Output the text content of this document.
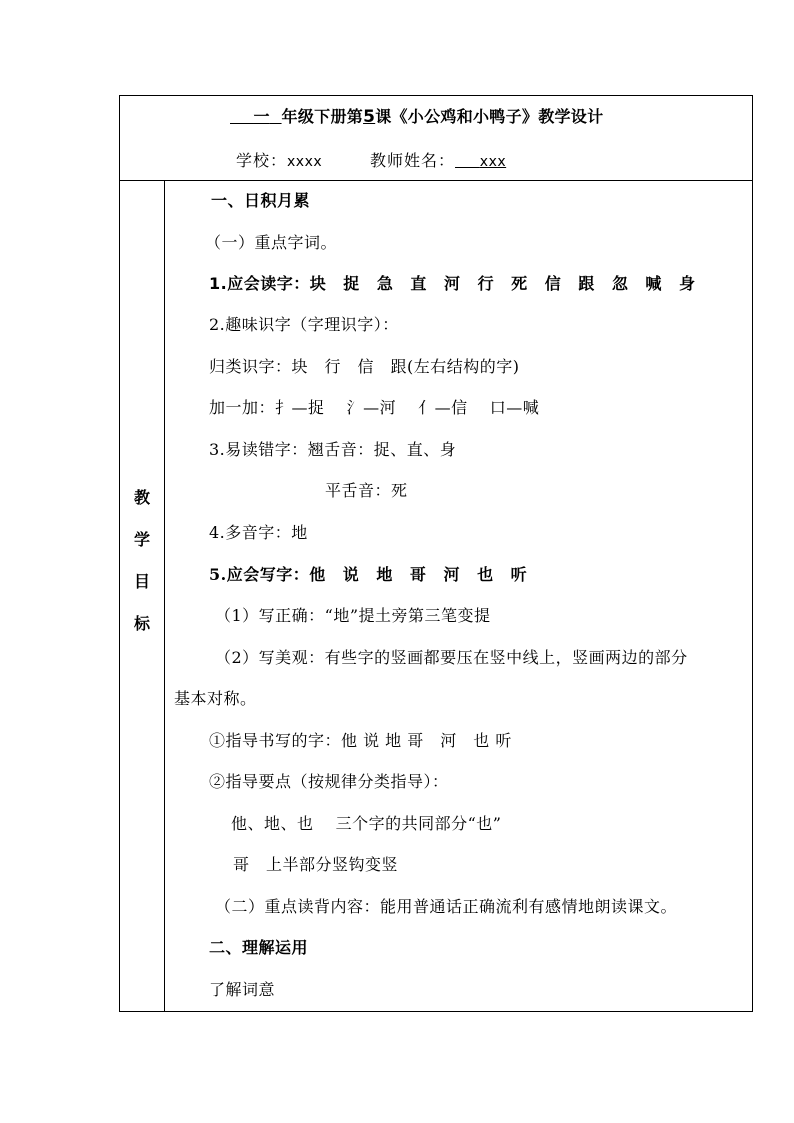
一 年级下册第5课《小公鸡和小鸭子》教学设计
学校：xxxx	教师姓名： xxx
教
学
目
标
一、日积月累
（一）重点字词。
1.应会读字：块 捉 急 直 河 行 死 信 跟 忽 喊 身
2.趣味识字（字理识字）：
归类识字：块　行　信　跟(左右结构的字)
加一加：扌—捉　 氵—河　 亻—信　 口—喊
3.易读错字：翘舌音：捉、直、身
平舌音：死
4.多音字：地
5.应会写字：他 说 地 哥 河 也 听
（1）写正确：“地”提土旁第三笔变提
（2）写美观：有些字的竖画都要压在竖中线上，竖画两边的部分
基本对称。
①指导书写的字：他 说 地 哥　河　也 听
②指导要点（按规律分类指导）：
他、地、也　 三个字的共同部分“也”
哥　上半部分竖钩变竖
（二）重点读背内容：能用普通话正确流利有感情地朗读课文。
二、理解运用
了解词意
